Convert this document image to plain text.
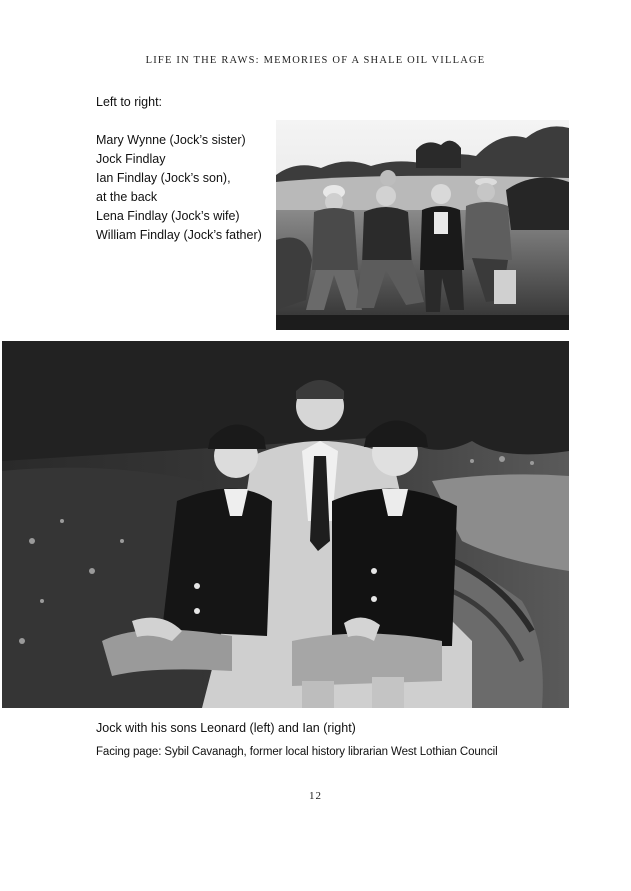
LIFE IN THE RAWS: MEMORIES OF A SHALE OIL VILLAGE
Left to right:
Mary Wynne (Jock’s sister)
Jock Findlay
Ian Findlay (Jock’s son),
at the back
Lena Findlay (Jock’s wife)
William Findlay (Jock’s father)
Jock with his sons Leonard (left) and Ian (right)
Facing page: Sybil Cavanagh, former local history librarian West Lothian Council
12
